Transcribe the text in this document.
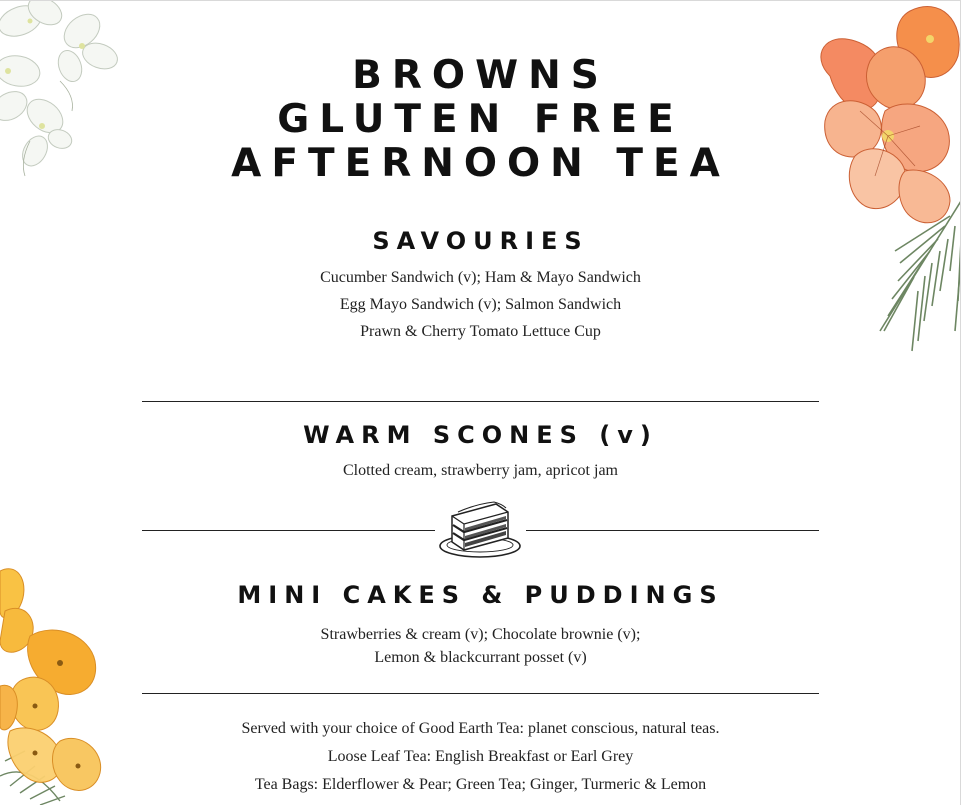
BROWNS
GLUTEN FREE
AFTERNOON TEA
SAVOURIES
Cucumber Sandwich (v); Ham & Mayo Sandwich
Egg Mayo Sandwich (v); Salmon Sandwich
Prawn & Cherry Tomato Lettuce Cup
WARM SCONES (v)
Clotted cream, strawberry jam, apricot jam
MINI CAKES & PUDDINGS
Strawberries & cream (v); Chocolate brownie (v);
Lemon & blackcurrant posset (v)
Served with your choice of Good Earth Tea: planet conscious, natural teas.
Loose Leaf Tea: English Breakfast or Earl Grey
Tea Bags: Elderflower & Pear; Green Tea; Ginger, Turmeric & Lemon
